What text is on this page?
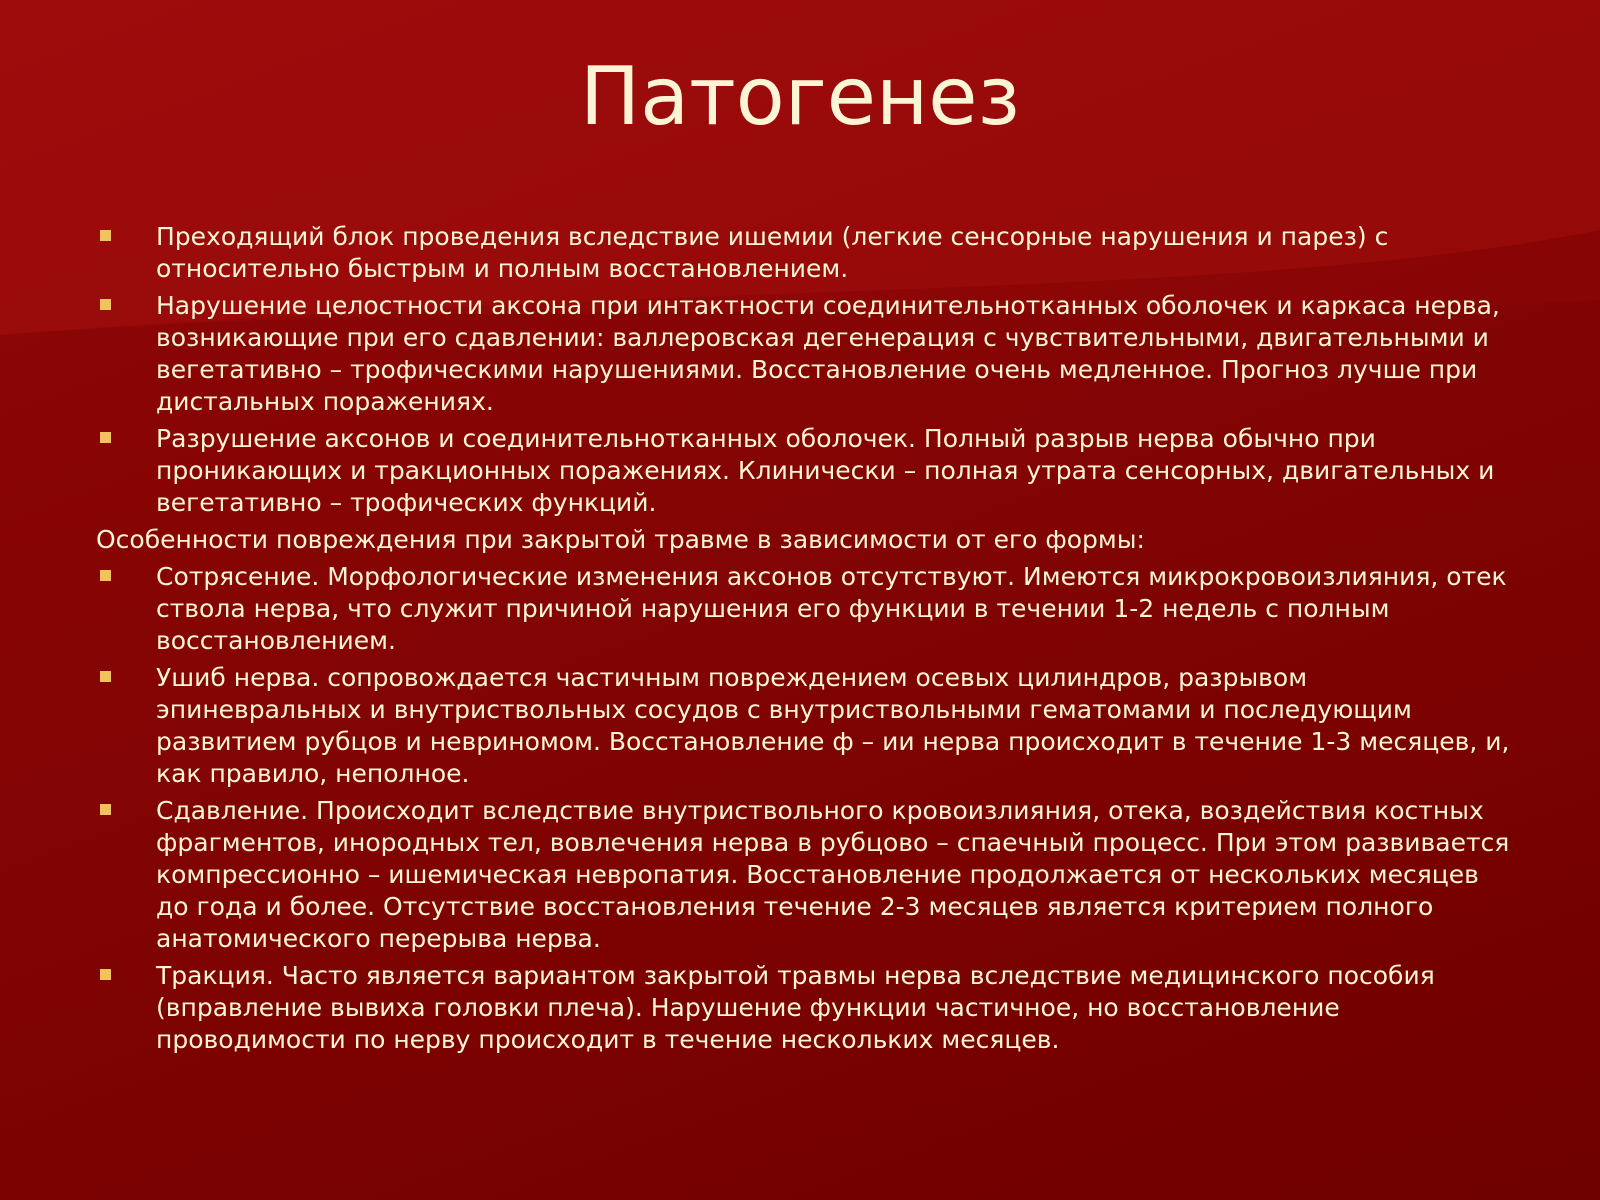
Патогенез
Преходящий блок проведения вследствие ишемии (легкие сенсорные нарушения и парез) с относительно быстрым и полным восстановлением.
Нарушение целостности аксона при интактности соединительнотканных оболочек и каркаса нерва, возникающие при его сдавлении: валлеровская дегенерация с чувствительными, двигательными и вегетативно – трофическими нарушениями. Восстановление очень медленное. Прогноз лучше при дистальных поражениях.
Разрушение аксонов и соединительнотканных оболочек. Полный разрыв нерва обычно при проникающих и тракционных поражениях. Клинически – полная утрата сенсорных, двигательных и вегетативно – трофических функций.

Особенности повреждения при закрытой травме в зависимости от его формы:

Сотрясение. Морфологические изменения аксонов отсутствуют. Имеются микрокровоизлияния, отек ствола нерва, что служит причиной нарушения его функции в течении 1-2 недель с полным восстановлением.
Ушиб нерва. сопровождается частичным повреждением осевых цилиндров, разрывом эпиневральных и внутриствольных сосудов с внутриствольными гематомами и последующим развитием рубцов и невриномом. Восстановление ф – ии нерва происходит в течение 1-3 месяцев, и, как правило, неполное.
Сдавление. Происходит вследствие внутриствольного кровоизлияния, отека, воздействия костных фрагментов, инородных тел, вовлечения нерва в рубцово – спаечный процесс. При этом развивается компрессионно – ишемическая невропатия. Восстановление продолжается от нескольких месяцев до года и более. Отсутствие восстановления течение 2-3 месяцев является критерием полного анатомического перерыва нерва.
Тракция. Часто является вариантом закрытой травмы нерва вследствие медицинского пособия (вправление вывиха головки плеча). Нарушение функции частичное, но восстановление проводимости по нерву происходит в течение нескольких месяцев.
